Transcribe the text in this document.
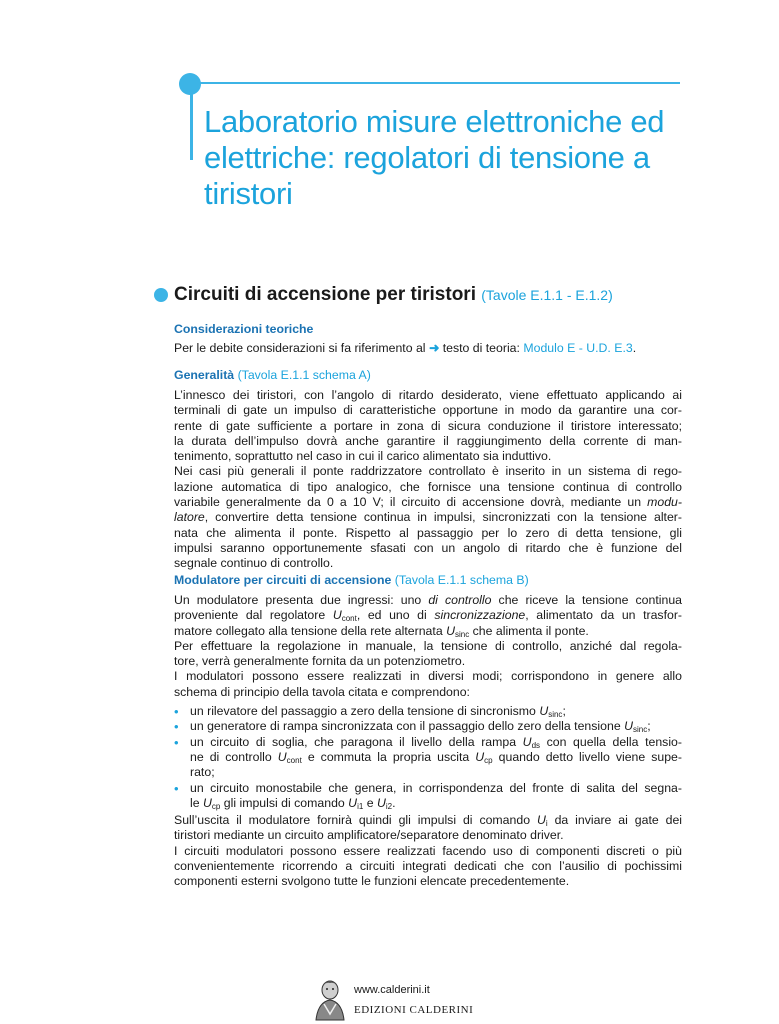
Laboratorio misure elettroniche ed elettriche: regolatori di tensione a tiristori
Circuiti di accensione per tiristori (Tavole E.1.1 - E.1.2)

Considerazioni teoriche

Per le debite considerazioni si fa riferimento al ➜ testo di teoria: Modulo E - U.D. E.3.

Generalità (Tavola E.1.1 schema A)

L’innesco dei tiristori, con l’angolo di ritardo desiderato, viene effettuato applicando ai

terminali di gate un impulso di caratteristiche opportune in modo da garantire una cor-

rente di gate sufficiente a portare in zona di sicura conduzione il tiristore interessato;

la durata dell’impulso dovrà anche garantire il raggiungimento della corrente di man-

tenimento, soprattutto nel caso in cui il carico alimentato sia induttivo.

Nei casi più generali il ponte raddrizzatore controllato è inserito in un sistema di rego-

lazione automatica di tipo analogico, che fornisce una tensione continua di controllo

variabile generalmente da 0 a 10 V; il circuito di accensione dovrà, mediante un modu-

latore, convertire detta tensione continua in impulsi, sincronizzati con la tensione alter-

nata che alimenta il ponte. Rispetto al passaggio per lo zero di detta tensione, gli

impulsi saranno opportunemente sfasati con un angolo di ritardo che è funzione del

segnale continuo di controllo.

Modulatore per circuiti di accensione (Tavola E.1.1 schema B)

Un modulatore presenta due ingressi: uno di controllo che riceve la tensione continua

proveniente dal regolatore $U_{cont}$, ed uno di sincronizzazione, alimentato da un trasfor-

matore collegato alla tensione della rete alternata $U_{sinc}$ che alimenta il ponte.

Per effettuare la regolazione in manuale, la tensione di controllo, anziché dal regola-

tore, verrà generalmente fornita da un potenziometro.

I modulatori possono essere realizzati in diversi modi; corrispondono in genere allo

schema di principio della tavola citata e comprendono:

• un rilevatore del passaggio a zero della tensione di sincronismo $U_{sinc}$;
• un generatore di rampa sincronizzata con il passaggio dello zero della tensione $U_{sinc}$;
• un circuito di soglia, che paragona il livello della rampa $U_{ds}$ con quella della tensio-
ne di controllo $U_{cont}$ e commuta la propria uscita $U_{cp}$ quando detto livello viene supe-
rato;
• un circuito monostabile che genera, in corrispondenza del fronte di salita del segna-
le $U_{cp}$ gli impulsi di comando $U_{i1}$ e $U_{i2}$.

Sull’uscita il modulatore fornirà quindi gli impulsi di comando $U_i$ da inviare ai gate dei

tiristori mediante un circuito amplificatore/separatore denominato driver.

I circuiti modulatori possono essere realizzati facendo uso di componenti discreti o più

convenientemente ricorrendo a circuiti integrati dedicati che con l’ausilio di pochissimi

componenti esterni svolgono tutte le funzioni elencate precedentemente.

www.calderini.it
EDIZIONI CALDERINI
